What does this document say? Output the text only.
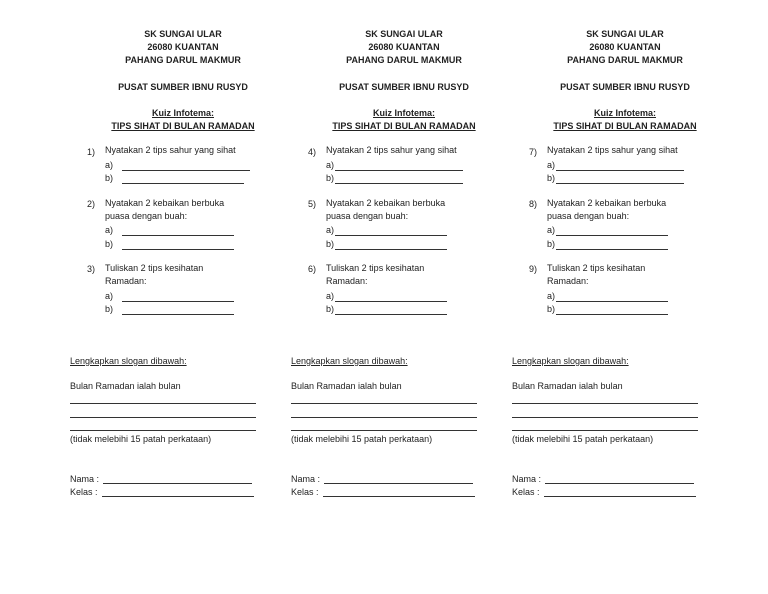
SK SUNGAI ULAR
26080 KUANTAN
PAHANG DARUL MAKMUR
PUSAT SUMBER IBNU RUSYD
Kuiz Infotema:
TIPS SIHAT DI BULAN RAMADAN
1) Nyatakan 2 tips sahur yang sihat
a)
b)
2) Nyatakan 2 kebaikan berbuka puasa dengan buah:
a)
b)
3) Tuliskan 2 tips kesihatan Ramadan:
a)
b)
Lengkapkan slogan dibawah:
Bulan Ramadan ialah bulan
(tidak melebihi 15 patah perkataan)
Nama :
Kelas :
SK SUNGAI ULAR
26080 KUANTAN
PAHANG DARUL MAKMUR
PUSAT SUMBER IBNU RUSYD
Kuiz Infotema:
TIPS SIHAT DI BULAN RAMADAN
4) Nyatakan 2 tips sahur yang sihat
a)
b)
5) Nyatakan 2 kebaikan berbuka puasa dengan buah:
a)
b)
6) Tuliskan 2 tips kesihatan Ramadan:
a)
b)
Lengkapkan slogan dibawah:
Bulan Ramadan ialah bulan
(tidak melebihi 15 patah perkataan)
Nama :
Kelas :
SK SUNGAI ULAR
26080 KUANTAN
PAHANG DARUL MAKMUR
PUSAT SUMBER IBNU RUSYD
Kuiz Infotema:
TIPS SIHAT DI BULAN RAMADAN
7) Nyatakan 2 tips sahur yang sihat
a)
b)
8) Nyatakan 2 kebaikan berbuka puasa dengan buah:
a)
b)
9) Tuliskan 2 tips kesihatan Ramadan:
a)
b)
Lengkapkan slogan dibawah:
Bulan Ramadan ialah bulan
(tidak melebihi 15 patah perkataan)
Nama :
Kelas :
